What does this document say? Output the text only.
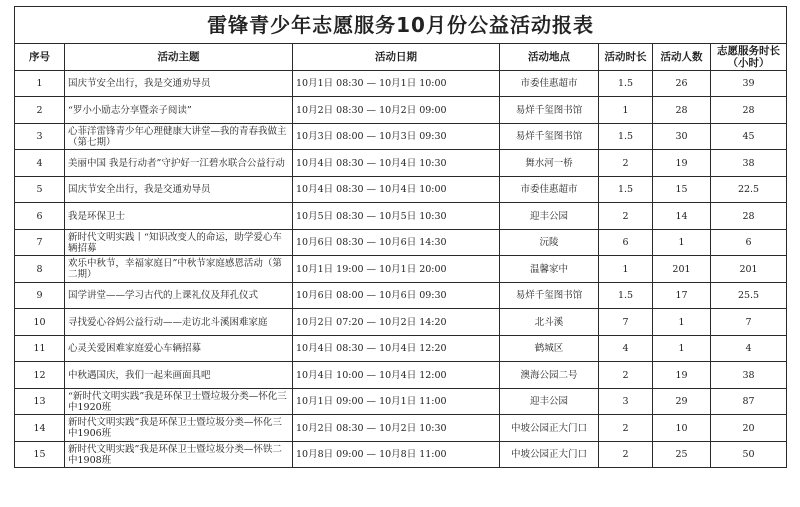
雷锋青少年志愿服务10月份公益活动报表						
序号	活动主题	活动日期	活动地点	活动时长	活动人数	志愿服务时长（小时）
1	国庆节安全出行，我是交通劝导员	10月1日 08:30 — 10月1日 10:00	市委佳惠超市	1.5	26	39
2	“罗小小励志分享暨亲子阅读”	10月2日 08:30 — 10月2日 09:00	易烊千玺图书馆	1	28	28
3	心菲洋雷锋青少年心理健康大讲堂—我的青春我做主（第七期）	10月3日 08:00 — 10月3日 09:30	易烊千玺图书馆	1.5	30	45
4	美丽中国 我是行动者”守护好一江碧水联合公益行动	10月4日 08:30 — 10月4日 10:30	舞水河一桥	2	19	38
5	国庆节安全出行，我是交通劝导员	10月4日 08:30 — 10月4日 10:00	市委佳惠超市	1.5	15	22.5
6	我是环保卫士	10月5日 08:30 — 10月5日 10:30	迎丰公园	2	14	28
7	新时代文明实践丨“知识改变人的命运，助学爱心车辆招募	10月6日 08:30 — 10月6日 14:30	沅陵	6	1	6
8	欢乐中秋节，幸福家庭日”中秋节家庭感恩活动（第二期）	10月1日 19:00 — 10月1日 20:00	温馨家中	1	201	201
9	国学讲堂——学习古代的上课礼仪及拜孔仪式	10月6日 08:00 — 10月6日 09:30	易烊千玺图书馆	1.5	17	25.5
10	寻找爱心谷妈公益行动——走访北斗溪困难家庭	10月2日 07:20 — 10月2日 14:20	北斗溪	7	1	7
11	心灵关爱困难家庭爱心车辆招募	10月4日 08:30 — 10月4日 12:20	鹤城区	4	1	4
12	中秋遇国庆，我们一起来画面具吧	10月4日 10:00 — 10月4日 12:00	澳海公园二号	2	19	38
13	“新时代文明实践”我是环保卫士暨垃圾分类—怀化三中1920班	10月1日 09:00 — 10月1日 11:00	迎丰公园	3	29	87
14	新时代文明实践”我是环保卫士暨垃圾分类—怀化三中1906班	10月2日 08:30 — 10月2日 10:30	中坡公园正大门口	2	10	20
15	新时代文明实践”我是环保卫士暨垃圾分类—怀铁二中1908班	10月8日 09:00 — 10月8日 11:00	中坡公园正大门口	2	25	50
